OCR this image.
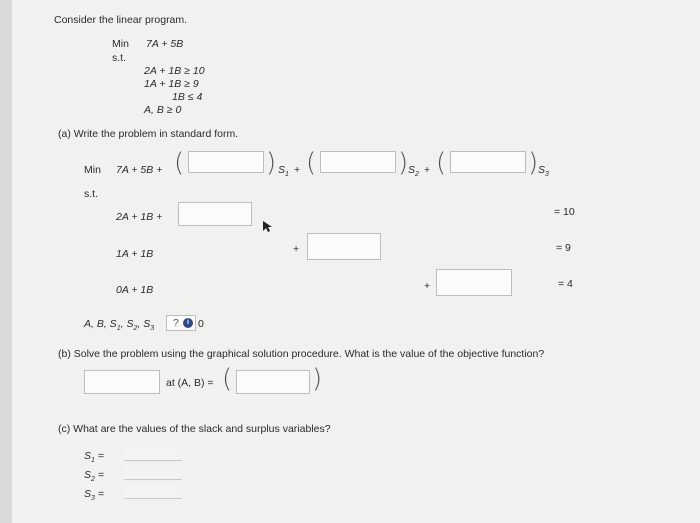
Consider the linear program.
Min 7A + 5B
s.t.
2A + 1B ≥ 10
1A + 1B ≥ 9
1B ≤ 4
A, B ≥ 0
(a) Write the problem in standard form.
Min 7A + 5B + (	) $S_1$ + (	) $S_2$ + (	) $S_3$
s.t.
2A + 1B +	= 10
1A + 1B	+	= 9
0A + 1B	+	= 4
A, B, $S_1$, $S_2$, $S_3$ ?	i 0
(b) Solve the problem using the graphical solution procedure. What is the value of the objective function?
at (A, B) = (	)
(c) What are the values of the slack and surplus variables?
$S_1$ =
$S_2$ =
$S_3$ =
